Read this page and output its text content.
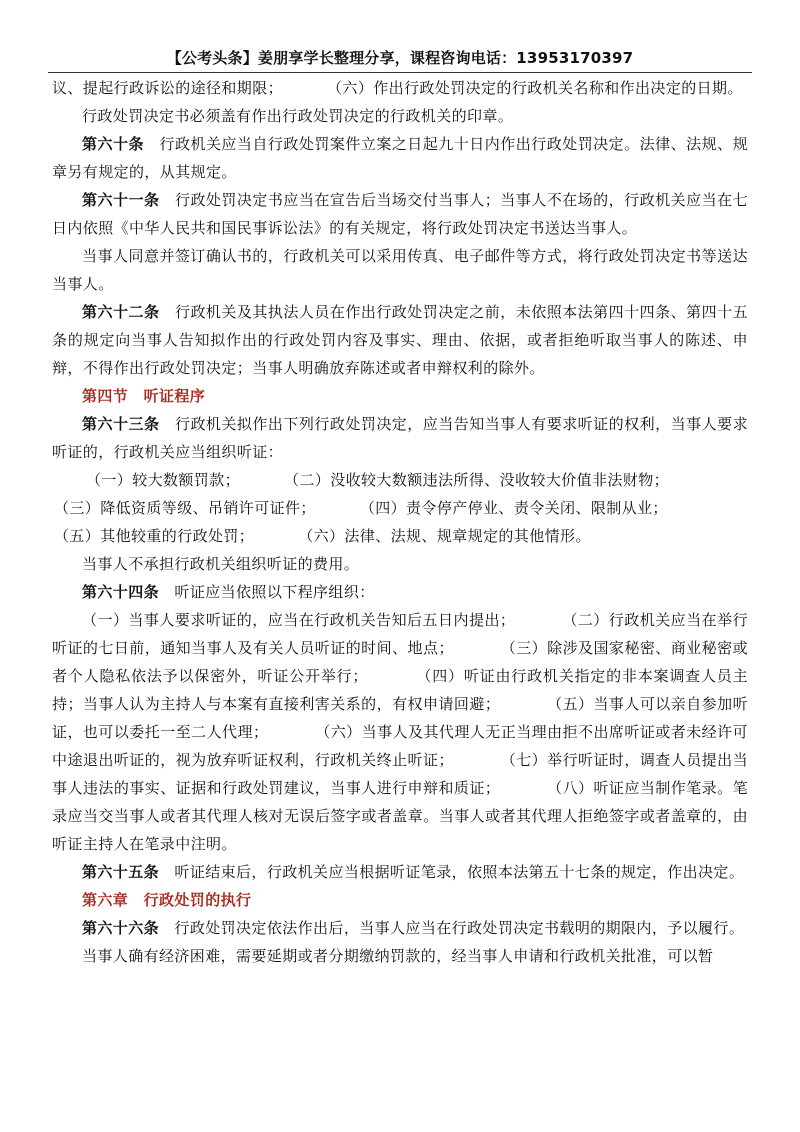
【公考头条】姜朋享学长整理分享，课程咨询电话：13953170397

议、提起行政诉讼的途径和期限；	（六）作出行政处罚决定的行政机关名称和作出决定的日期。

行政处罚决定书必须盖有作出行政处罚决定的行政机关的印章。

第六十条　 行政机关应当自行政处罚案件立案之日起九十日内作出行政处罚决定。法律、法规、规章另有规定的，从其规定。

第六十一条　 行政处罚决定书应当在宣告后当场交付当事人；当事人不在场的，行政机关应当在七日内依照《中华人民共和国民事诉讼法》的有关规定，将行政处罚决定书送达当事人。

当事人同意并签订确认书的，行政机关可以采用传真、电子邮件等方式，将行政处罚决定书等送达当事人。

第六十二条　 行政机关及其执法人员在作出行政处罚决定之前，未依照本法第四十四条、第四十五条的规定向当事人告知拟作出的行政处罚内容及事实、理由、依据，或者拒绝听取当事人的陈述、申辩，不得作出行政处罚决定；当事人明确放弃陈述或者申辩权利的除外。

第四节　听证程序

第六十三条　 行政机关拟作出下列行政处罚决定，应当告知当事人有要求听证的权利，当事人要求听证的，行政机关应当组织听证：

（一）较大数额罚款；	（二）没收较大数额违法所得、没收较大价值非法财物；

（三）降低资质等级、吊销许可证件；	（四）责令停产停业、责令关闭、限制从业；

（五）其他较重的行政处罚；	（六）法律、法规、规章规定的其他情形。

当事人不承担行政机关组织听证的费用。

第六十四条　 听证应当依照以下程序组织：

（一）当事人要求听证的，应当在行政机关告知后五日内提出；　　　　（二）行政机关应当在举行听证的七日前，通知当事人及有关人员听证的时间、地点；　　　　（三）除涉及国家秘密、商业秘密或者个人隐私依法予以保密外，听证公开举行；　　　　（四）听证由行政机关指定的非本案调查人员主持；当事人认为主持人与本案有直接利害关系的，有权申请回避；　　　　（五）当事人可以亲自参加听证，也可以委托一至二人代理；　　　　（六）当事人及其代理人无正当理由拒不出席听证或者未经许可中途退出听证的，视为放弃听证权利，行政机关终止听证；　　　　（七）举行听证时，调查人员提出当事人违法的事实、证据和行政处罚建议，当事人进行申辩和质证；　　　　（八）听证应当制作笔录。笔录应当交当事人或者其代理人核对无误后签字或者盖章。当事人或者其代理人拒绝签字或者盖章的，由听证主持人在笔录中注明。

第六十五条　 听证结束后，行政机关应当根据听证笔录，依照本法第五十七条的规定，作出决定。

第六章　行政处罚的执行

第六十六条　 行政处罚决定依法作出后，当事人应当在行政处罚决定书载明的期限内，予以履行。

当事人确有经济困难，需要延期或者分期缴纳罚款的，经当事人申请和行政机关批准，可以暂
